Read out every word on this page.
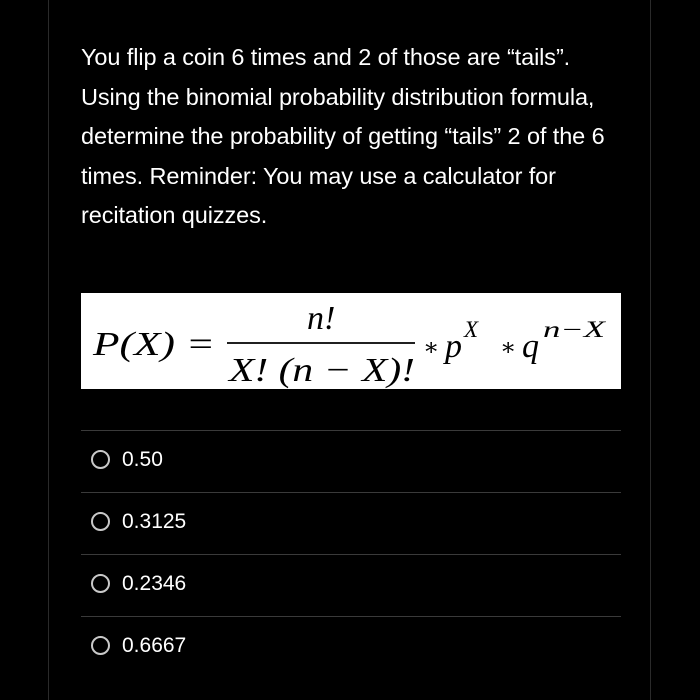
You flip a coin 6 times and 2 of those are “tails”. Using the binomial probability distribution formula, determine the probability of getting “tails” 2 of the 6 times. Reminder: You may use a calculator for recitation quizzes.

P(X) =
n!
X! (n − X)!
∗ p X
∗ q n−X
0.50
0.3125
0.2346
0.6667
